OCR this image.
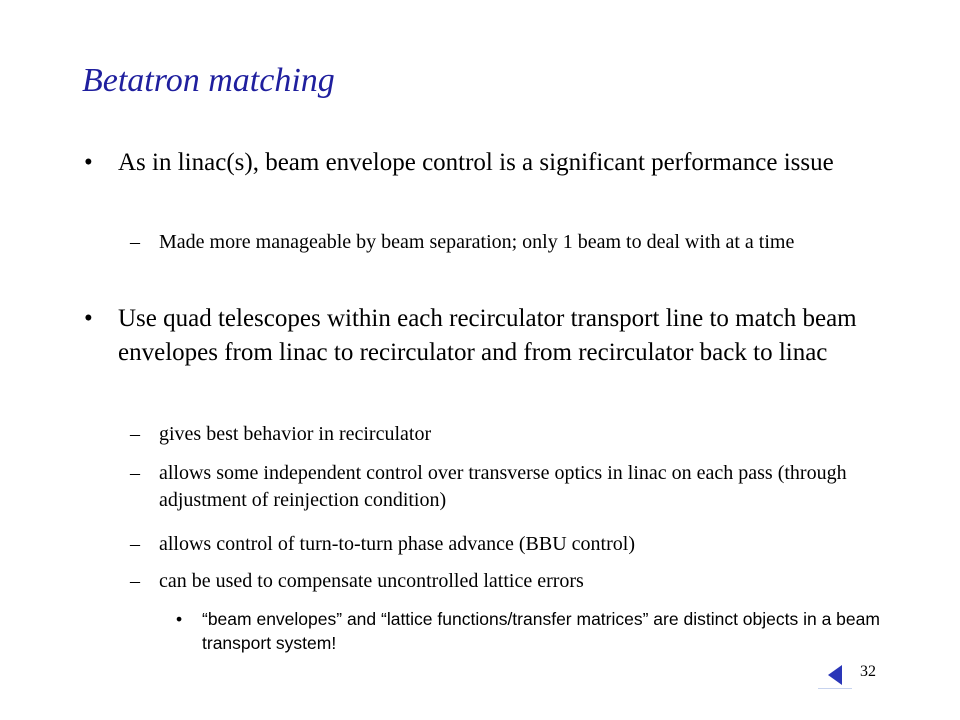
Betatron matching
• As in linac(s), beam envelope control is a significant performance issue
– Made more manageable by beam separation; only 1 beam to deal with at a time
• Use quad telescopes within each recirculator transport line to match beam envelopes from linac to recirculator and from recirculator back to linac
– gives best behavior in recirculator
– allows some independent control over transverse optics in linac on each pass (through adjustment of reinjection condition)
– allows control of turn-to-turn phase advance (BBU control)
– can be used to compensate uncontrolled lattice errors
• “beam envelopes” and “lattice functions/transfer matrices” are distinct objects in a beam transport system!
32
